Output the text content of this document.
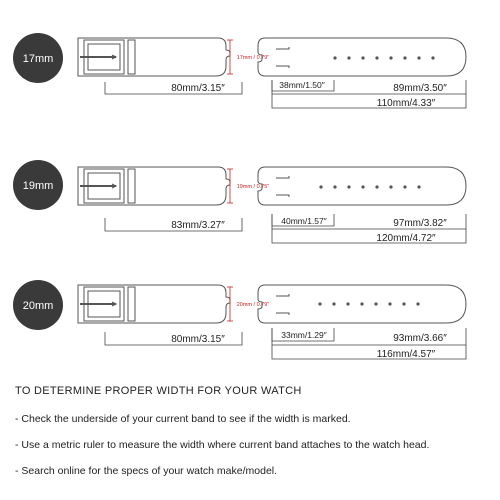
17mm	17mm / 0.79"
80mm/3.15″	38mm/1.50″	89mm/3.50″
110mm/4.33″
19mm	19mm / 0.75"
83mm/3.27″	40mm/1.57″	97mm/3.82″
120mm/4.72″
20mm	20mm / 0.79"
80mm/3.15″	33mm/1.29″	93mm/3.66″
116mm/4.57″
TO DETERMINE PROPER WIDTH FOR YOUR WATCH

- Check the underside of your current band to see if the width is marked.

- Use a metric ruler to measure the width where current band attaches to the watch head.

- Search online for the specs of your watch make/model.
